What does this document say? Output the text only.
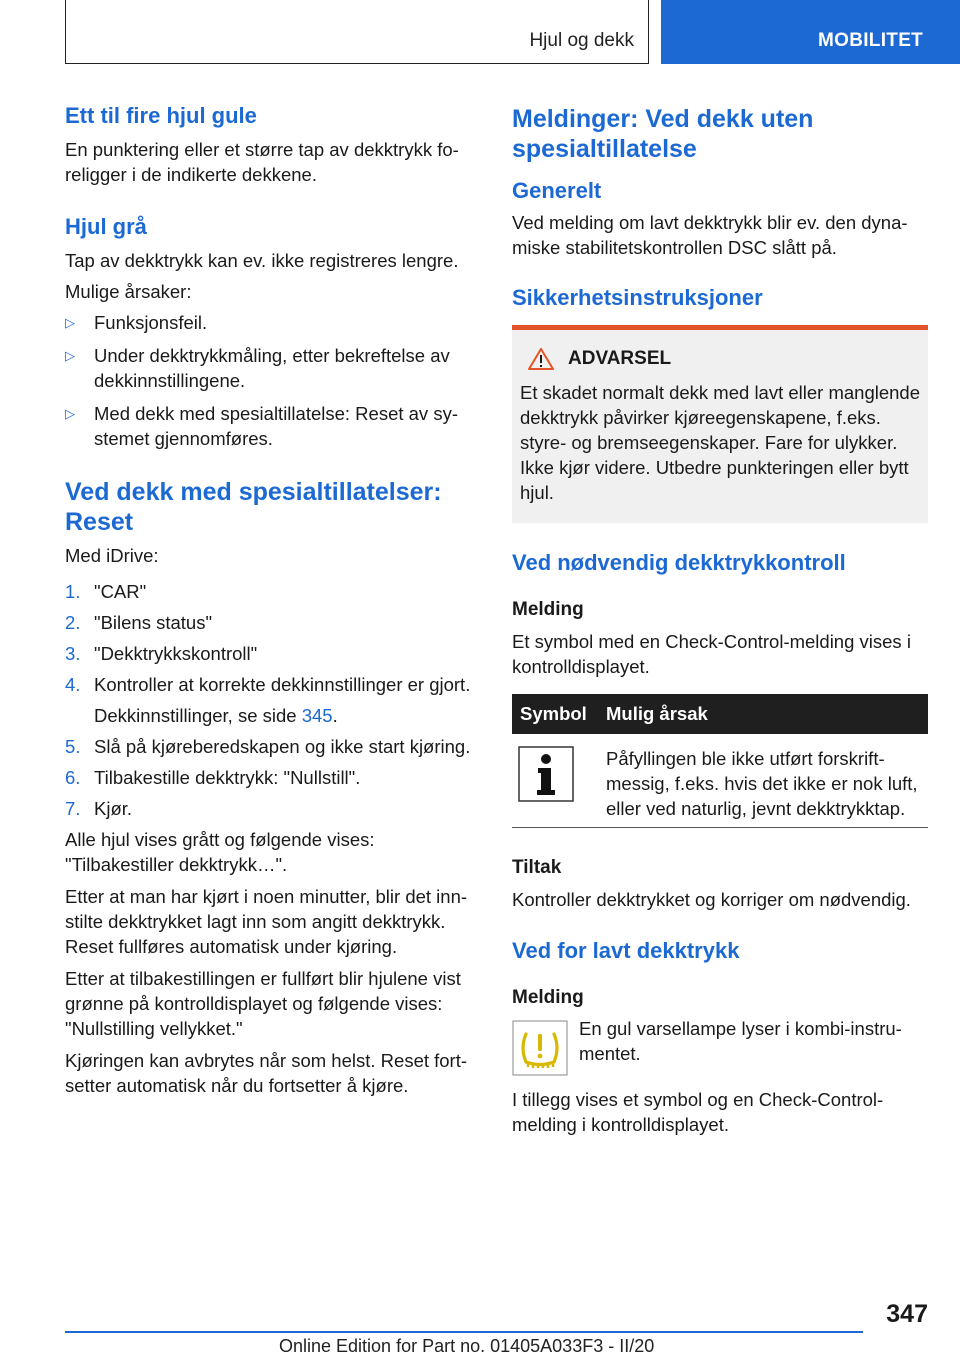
Hjul og dekk	MOBILITET
Ett til fire hjul gule

En punktering eller et større tap av dekktrykk foreligger i de indikerte dekkene.

Hjul grå

Tap av dekktrykk kan ev. ikke registreres lengre.

Mulige årsaker:

▷ Funksjonsfeil.
▷ Under dekktrykkmåling, etter bekreftelse av dekkinnstillingene.
▷ Med dekk med spesialtillatelse: Reset av systemet gjennomføres.
Ved dekk med spesialtillatelser: Reset

Med iDrive:

1. "CAR"
2. "Bilens status"
3. "Dekktrykkskontroll"
4. Kontroller at korrekte dekkinnstillinger er gjort.
Dekkinnstillinger, se side 345.
5. Slå på kjøreberedskapen og ikke start kjøring.
6. Tilbakestille dekktrykk: "Nullstill".
7. Kjør.

Alle hjul vises grått og følgende vises: "Tilbakestiller dekktrykk…".

Etter at man har kjørt i noen minutter, blir det innstilte dekktrykket lagt inn som angitt dekktrykk. Reset fullføres automatisk under kjøring.

Etter at tilbakestillingen er fullført blir hjulene vist grønne på kontrolldisplayet og følgende vises: "Nullstilling vellykket."

Kjøringen kan avbrytes når som helst. Reset fortsetter automatisk når du fortsetter å kjøre.

Meldinger: Ved dekk uten spesialtillatelse
Generelt

Ved melding om lavt dekktrykk blir ev. den dynamiske stabilitetskontrollen DSC slått på.

Sikkerhetsinstruksjoner
ADVARSEL

Et skadet normalt dekk med lavt eller manglende dekktrykk påvirker kjøreegenskapene, f.eks. styre- og bremseegenskaper. Fare for ulykker. Ikke kjør videre. Utbedre punkteringen eller bytt hjul.

Ved nødvendig dekktrykkontroll
Melding

Et symbol med en Check-Control-melding vises i kontrolldisplayet.

Symbol	Mulig årsak
	Påfyllingen ble ikke utført forskriftmessig, f.eks. hvis det ikke er nok luft, eller ved naturlig, jevnt dekktrykktap.
Tiltak

Kontroller dekktrykket og korriger om nødvendig.

Ved for lavt dekktrykk
Melding

En gul varsellampe lyser i kombi-instrumentet.

I tillegg vises et symbol og en Check-Control-melding i kontrolldisplayet.

347
Online Edition for Part no. 01405A033F3 - II/20
